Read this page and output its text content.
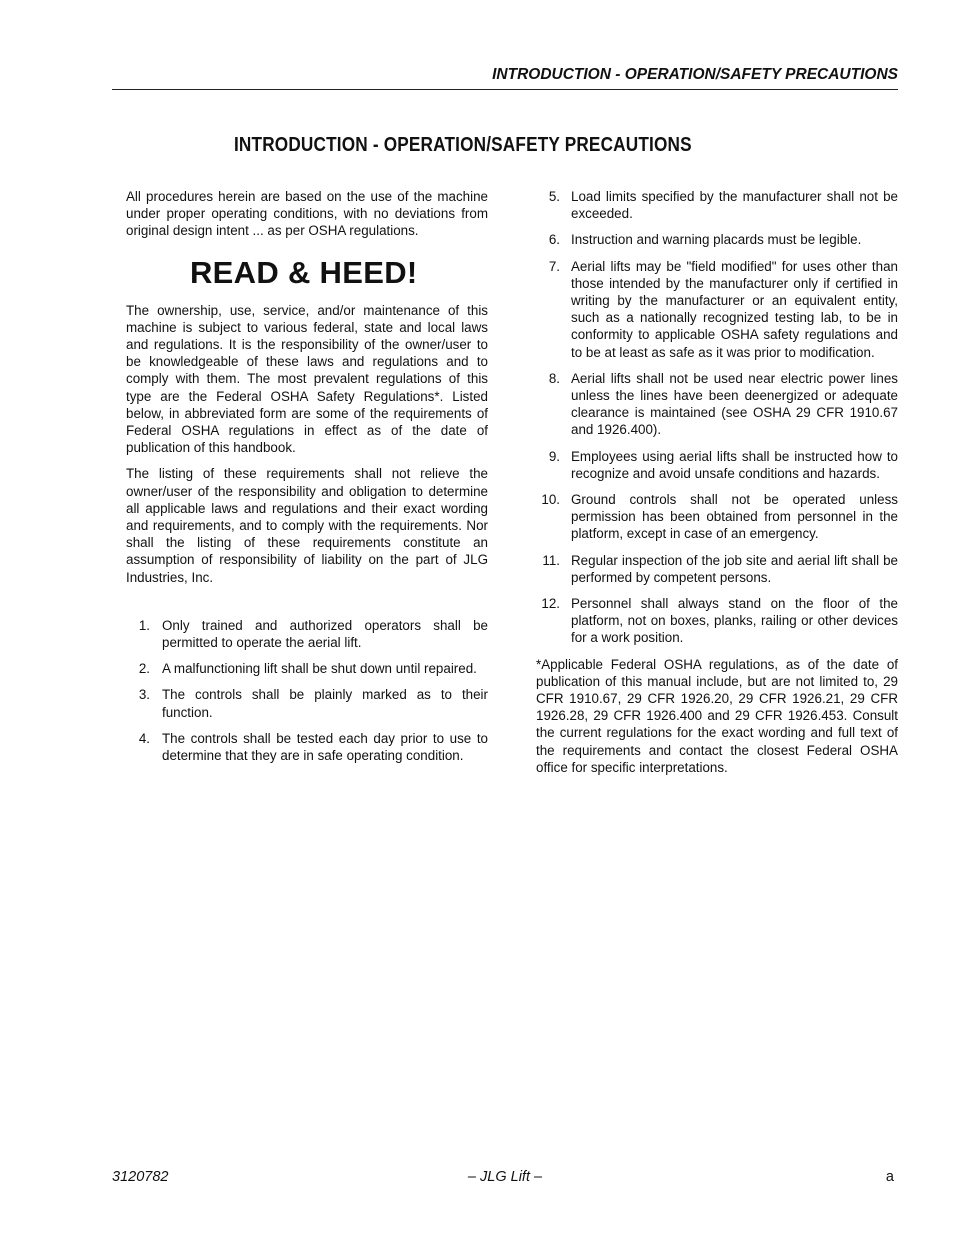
INTRODUCTION - OPERATION/SAFETY PRECAUTIONS
INTRODUCTION - OPERATION/SAFETY PRECAUTIONS

All procedures herein are based on the use of the machine under proper operating conditions, with no deviations from original design intent ... as per OSHA regulations.

READ & HEED!

The ownership, use, service, and/or maintenance of this machine is subject to various federal, state and local laws and regulations. It is the responsibility of the owner/user to be knowledgeable of these laws and regulations and to comply with them. The most prevalent regulations of this type are the Federal OSHA Safety Regulations*. Listed below, in abbreviated form are some of the requirements of Federal OSHA regulations in effect as of the date of publication of this handbook.

The listing of these requirements shall not relieve the owner/user of the responsibility and obligation to determine all applicable laws and regulations and their exact wording and requirements, and to comply with the requirements. Nor shall the listing of these requirements constitute an assumption of responsibility of liability on the part of JLG Industries, Inc.

1. Only trained and authorized operators shall be permitted to operate the aerial lift.
2. A malfunctioning lift shall be shut down until repaired.
3. The controls shall be plainly marked as to their function.
4. The controls shall be tested each day prior to use to determine that they are in safe operating condition.
5. Load limits specified by the manufacturer shall not be exceeded.
6. Instruction and warning placards must be legible.
7. Aerial lifts may be "field modified" for uses other than those intended by the manufacturer only if certified in writing by the manufacturer or an equivalent entity, such as a nationally recognized testing lab, to be in conformity to applicable OSHA safety regulations and to be at least as safe as it was prior to modification.
8. Aerial lifts shall not be used near electric power lines unless the lines have been deenergized or adequate clearance is maintained (see OSHA 29 CFR 1910.67 and 1926.400).
9. Employees using aerial lifts shall be instructed how to recognize and avoid unsafe conditions and hazards.
10. Ground controls shall not be operated unless permission has been obtained from personnel in the platform, except in case of an emergency.
11. Regular inspection of the job site and aerial lift shall be performed by competent persons.
12. Personnel shall always stand on the floor of the platform, not on boxes, planks, railing or other devices for a work position.

*Applicable Federal OSHA regulations, as of the date of publication of this manual include, but are not limited to, 29 CFR 1910.67, 29 CFR 1926.20, 29 CFR 1926.21, 29 CFR 1926.28, 29 CFR 1926.400 and 29 CFR 1926.453. Consult the current regulations for the exact wording and full text of the requirements and contact the closest Federal OSHA office for specific interpretations.

3120782	– JLG Lift –	a
